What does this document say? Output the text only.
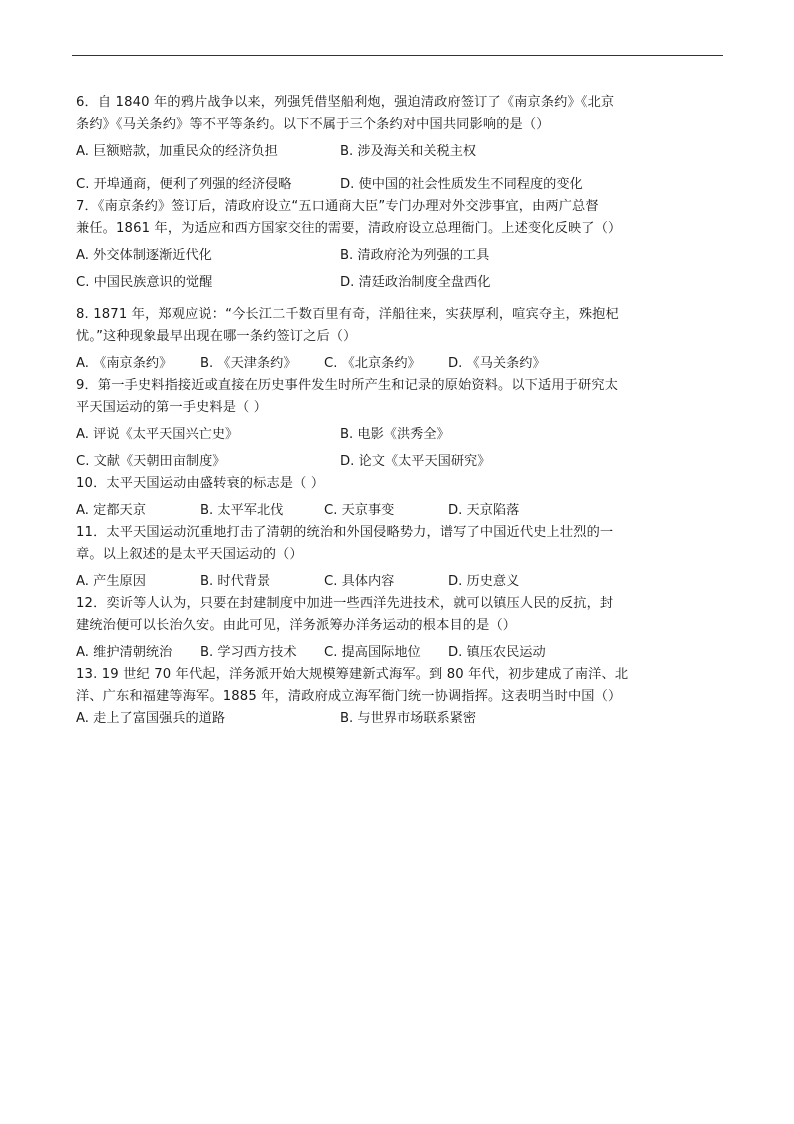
6．自 1840 年的鸦片战争以来，列强凭借坚船利炮，强迫清政府签订了《南京条约》《北京
条约》《马关条约》等不平等条约。以下不属于三个条约对中国共同影响的是（）
A. 巨额赔款，加重民众的经济负担	B. 涉及海关和关税主权
C. 开埠通商，便利了列强的经济侵略	D. 使中国的社会性质发生不同程度的变化
7．《南京条约》签订后，清政府设立“五口通商大臣”专门办理对外交涉事宜，由两广总督
兼任。1861 年，为适应和西方国家交往的需要，清政府设立总理衙门。上述变化反映了（）
A. 外交体制逐渐近代化	B. 清政府沦为列强的工具
C. 中国民族意识的觉醒	D. 清廷政治制度全盘西化
8. 1871 年，郑观应说：“今长江二千数百里有奇，洋船往来，实获厚利，喧宾夺主，殊抱杞
忧。”这种现象最早出现在哪一条约签订之后（）
A. 《南京条约》	B. 《天津条约》	C. 《北京条约》	D. 《马关条约》
9．第一手史料指接近或直接在历史事件发生时所产生和记录的原始资料。以下适用于研究太
平天国运动的第一手史料是（ ）
A. 评说《太平天国兴亡史》	B. 电影《洪秀全》
C. 文献《天朝田亩制度》	D. 论文《太平天国研究》
10．太平天国运动由盛转衰的标志是（ ）
A. 定都天京	B. 太平军北伐	C. 天京事变	D. 天京陷落
11．太平天国运动沉重地打击了清朝的统治和外国侵略势力，谱写了中国近代史上壮烈的一
章。以上叙述的是太平天国运动的（）
A. 产生原因	B. 时代背景	C. 具体内容	D. 历史意义
12．奕䜣等人认为，只要在封建制度中加进一些西洋先进技术，就可以镇压人民的反抗，封
建统治便可以长治久安。由此可见，洋务派筹办洋务运动的根本目的是（）
A. 维护清朝统治	B. 学习西方技术	C. 提高国际地位	D. 镇压农民运动
13. 19 世纪 70 年代起，洋务派开始大规模筹建新式海军。到 80 年代，初步建成了南洋、北
洋、广东和福建等海军。1885 年，清政府成立海军衙门统一协调指挥。这表明当时中国（）
A. 走上了富国强兵的道路	B. 与世界市场联系紧密
